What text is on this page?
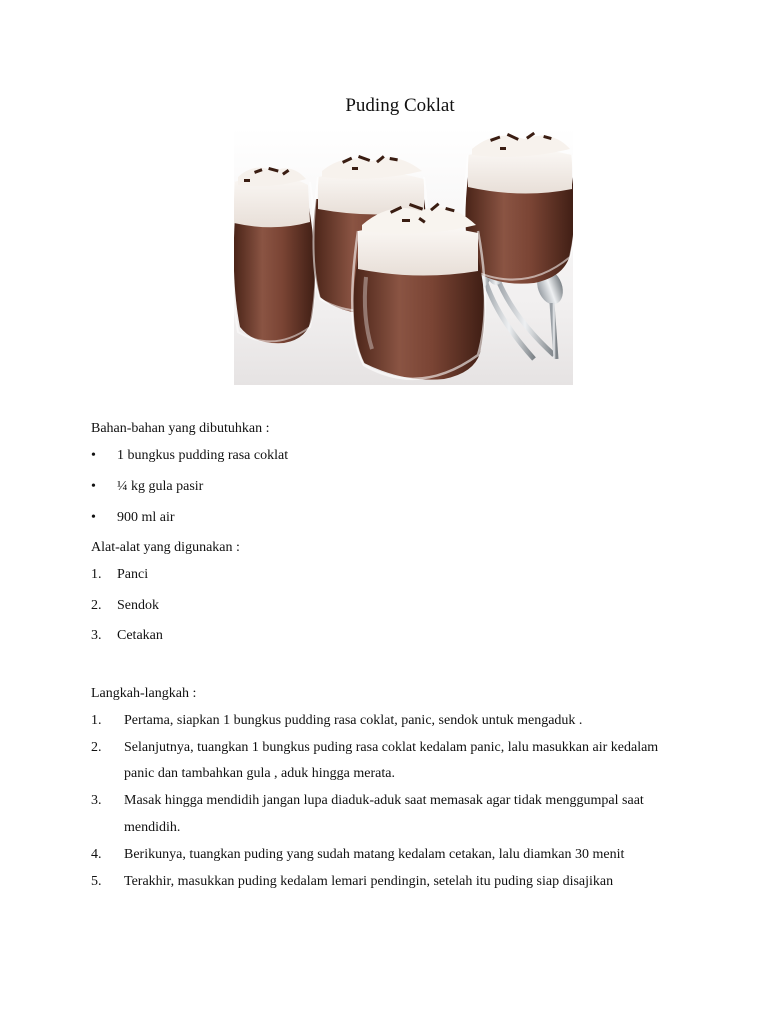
Puding Coklat
Bahan-bahan yang dibutuhkan :
• 1 bungkus pudding rasa coklat
• ¼ kg gula pasir
• 900 ml air
Alat-alat yang digunakan :
1. Panci
2. Sendok
3. Cetakan
Langkah-langkah :
1. Pertama, siapkan 1 bungkus pudding rasa coklat, panic, sendok untuk mengaduk .
2. Selanjutnya, tuangkan 1 bungkus puding rasa coklat kedalam panic, lalu masukkan air kedalam
panic dan tambahkan gula , aduk hingga merata.
3. Masak hingga mendidih jangan lupa diaduk-aduk saat memasak agar tidak menggumpal saat
mendidih.
4. Berikunya, tuangkan puding yang sudah matang kedalam cetakan, lalu diamkan 30 menit
5. Terakhir, masukkan puding kedalam lemari pendingin, setelah itu puding siap disajikan
